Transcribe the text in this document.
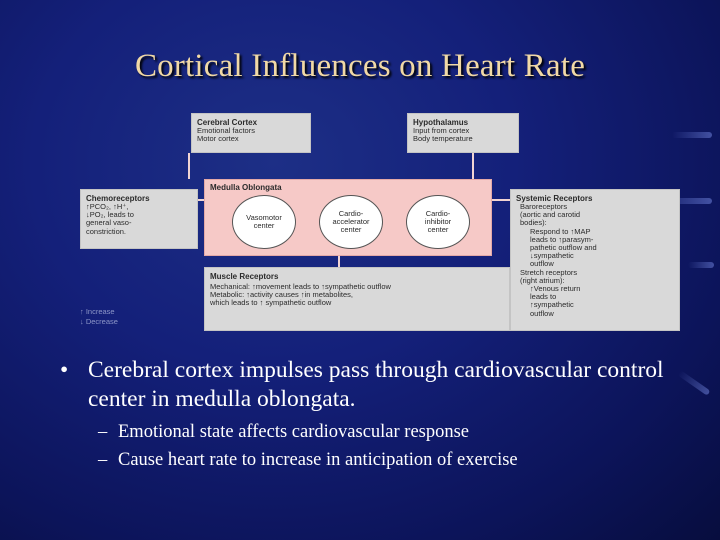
Cortical Influences on Heart Rate
Cerebral Cortex
Emotional factors
Motor cortex
Hypothalamus
Input from cortex
Body temperature
Chemoreceptors
↑PCO₂, ↑H⁺,
↓PO₂, leads to
general vaso-
constriction.
Medulla Oblongata
Vasomotor center
Cardio-accelerator center
Cardio-inhibitor center
Systemic Receptors
Baroreceptors
(aortic and carotid
bodies):
Respond to ↑MAP
leads to ↑parasym-
pathetic outflow and
↓sympathetic
outflow
Stretch receptors
(right atrium):
↑Venous return
leads to
↑sympathetic
outflow
Muscle Receptors
Mechanical: ↑movement leads to ↑sympathetic outflow
Metabolic: ↑activity causes ↑in metabolites,
which leads to ↑ sympathetic outflow
↑ Increase
↓ Decrease
• Cerebral cortex impulses pass through cardiovascular control center in medulla oblongata.
– Emotional state affects cardiovascular response
– Cause heart rate to increase in anticipation of exercise
